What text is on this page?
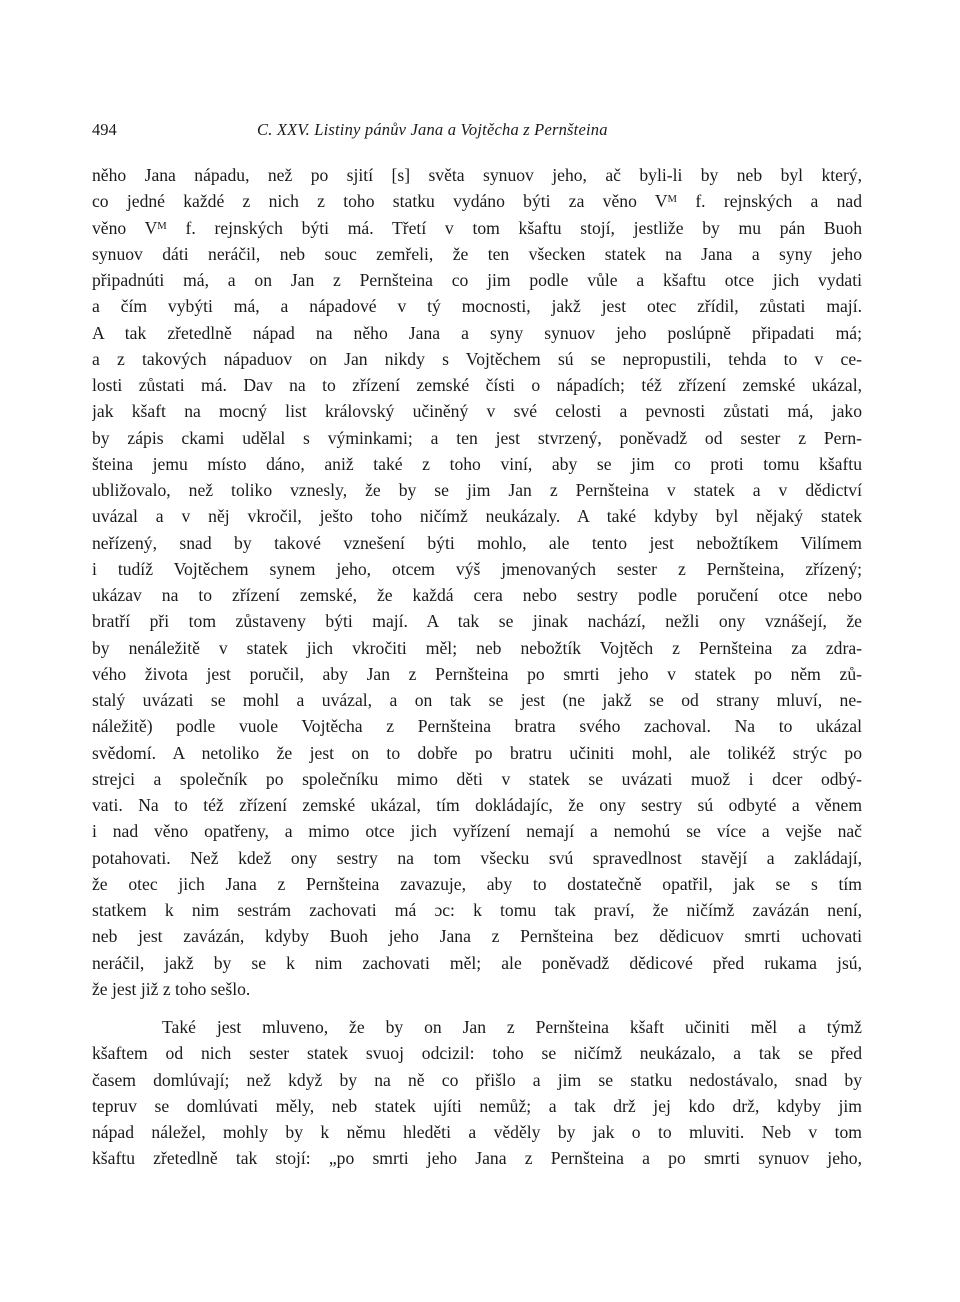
494	C. XXV. Listiny pánův Jana a Vojtěcha z Pernšteina
něho Jana nápadu, než po sjití [s] světa synuov jeho, ač byli-li by neb byl který,
co jedné každé z nich z toho statku vydáno býti za věno Vᴹ f. rejnských a nad
věno Vᴹ f. rejnských býti má. Třetí v tom kšaftu stojí, jestliže by mu pán Buoh
synuov dáti neráčil, neb souc zemřeli, že ten všecken statek na Jana a syny jeho
připadnúti má, a on Jan z Pernšteina co jim podle vůle a kšaftu otce jich vydati
a čím vybýti má, a nápadové v tý mocnosti, jakž jest otec zřídil, zůstati mají.
A tak zřetedlně nápad na něho Jana a syny synuov jeho poslúpně připadati má;
a z takových nápaduov on Jan nikdy s Vojtěchem sú se nepropustili, tehda to v ce-
losti zůstati má. Dav na to zřízení zemské čísti o nápadích; též zřízení zemské ukázal,
jak kšaft na mocný list královský učiněný v své celosti a pevnosti zůstati má, jako
by zápis ckami udělal s výminkami; a ten jest stvrzený, poněvadž od sester z Pern-
šteina jemu místo dáno, aniž také z toho viní, aby se jim co proti tomu kšaftu
ubližovalo, než toliko vznesly, že by se jim Jan z Pernšteina v statek a v dědictví
uvázal a v něj vkročil, ješto toho ničímž neukázaly. A také kdyby byl nějaký statek
neřízený, snad by takové vznešení býti mohlo, ale tento jest nebožtíkem Vilímem
i tudíž Vojtěchem synem jeho, otcem výš jmenovaných sester z Pernšteina, zřízený;
ukázav na to zřízení zemské, že každá cera nebo sestry podle poručení otce nebo
bratří při tom zůstaveny býti mají. A tak se jinak nachází, nežli ony vznášejí, že
by nenáležitě v statek jich vkročiti měl; neb nebožtík Vojtěch z Pernšteina za zdra-
vého života jest poručil, aby Jan z Pernšteina po smrti jeho v statek po něm zů-
stalý uvázati se mohl a uvázal, a on tak se jest (ne jakž se od strany mluví, ne-
náležitě) podle vuole Vojtěcha z Pernšteina bratra svého zachoval. Na to ukázal
svědomí. A netoliko že jest on to dobře po bratru učiniti mohl, ale tolikéž strýc po
strejci a společník po společníku mimo děti v statek se uvázati muož i dcer odbý-
vati. Na to též zřízení zemské ukázal, tím dokládajíc, že ony sestry sú odbyté a věnem
i nad věno opatřeny, a mimo otce jich vyřízení nemají a nemohú se více a vejše nač
potahovati. Než kdež ony sestry na tom všecku svú spravedlnost stavějí a zakládají,
že otec jich Jana z Pernšteina zavazuje, aby to dostatečně opatřil, jak se s tím
statkem k nim sestrám zachovati má ɔc: k tomu tak praví, že ničímž zavázán není,
neb jest zavázán, kdyby Buoh jeho Jana z Pernšteina bez dědicuov smrti uchovati
neráčil, jakž by se k nim zachovati měl; ale poněvadž dědicové před rukama jsú,
že jest již z toho sešlo.
Také jest mluveno, že by on Jan z Pernšteina kšaft učiniti měl a týmž
kšaftem od nich sester statek svuoj odcizil: toho se ničímž neukázalo, a tak se před
časem domlúvají; než když by na ně co přišlo a jim se statku nedostávalo, snad by
tepruv se domlúvati měly, neb statek ujíti nemůž; a tak drž jej kdo drž, kdyby jim
nápad náležel, mohly by k němu hleděti a věděly by jak o to mluviti. Neb v tom
kšaftu zřetedlně tak stojí: „po smrti jeho Jana z Pernšteina a po smrti synuov jeho,
